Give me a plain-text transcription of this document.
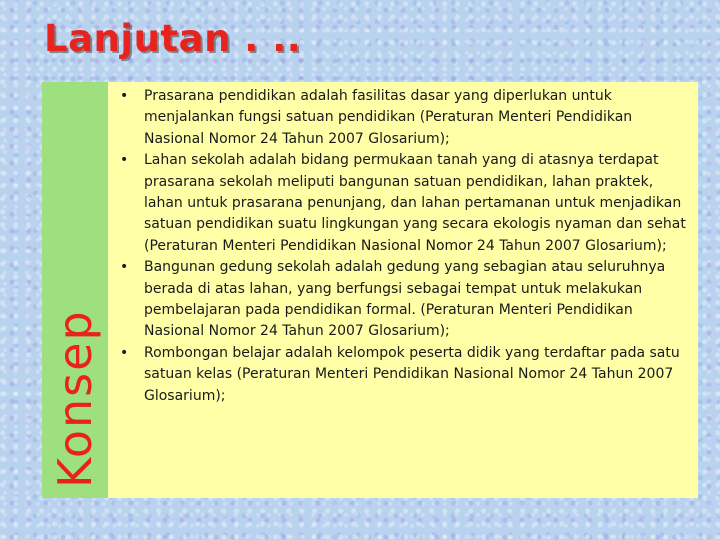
Lanjutan . ..
Konsep
• Prasarana pendidikan adalah fasilitas dasar yang diperlukan untuk menjalankan fungsi satuan pendidikan (Peraturan Menteri Pendidikan Nasional Nomor 24 Tahun 2007 Glosarium);
• Lahan sekolah adalah bidang permukaan tanah yang di atasnya terdapat prasarana sekolah meliputi bangunan satuan pendidikan, lahan praktek, lahan untuk prasarana penunjang, dan lahan pertamanan untuk menjadikan satuan pendidikan suatu lingkungan yang secara ekologis nyaman dan sehat (Peraturan Menteri Pendidikan Nasional Nomor 24 Tahun 2007 Glosarium);
• Bangunan gedung sekolah adalah gedung yang sebagian atau seluruhnya berada di atas lahan, yang berfungsi sebagai tempat untuk melakukan pembelajaran pada pendidikan formal. (Peraturan Menteri Pendidikan Nasional Nomor 24 Tahun 2007 Glosarium);
• Rombongan belajar adalah kelompok peserta didik yang terdaftar pada satu satuan kelas (Peraturan Menteri Pendidikan Nasional Nomor 24 Tahun 2007 Glosarium);
